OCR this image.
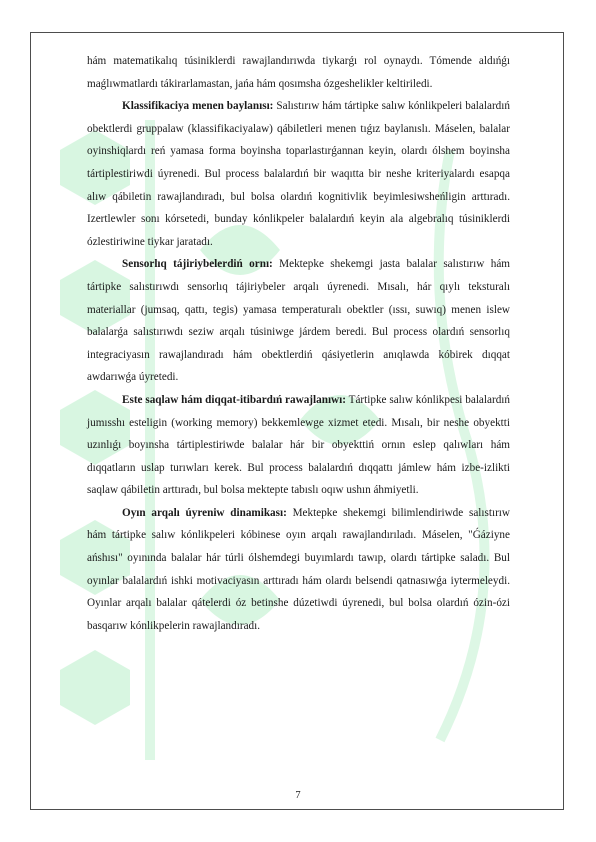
hám matematikalıq túsiniklerdi rawajlandırıwda tiykarǵı rol oynaydı. Tómende aldıńǵı maǵlıwmatlardı tákirarlamastan, jańa hám qosımsha ózgeshelikler keltiriledi.

Klassifikaciya menen baylanısı: Salıstırıw hám tártipke salıw kónlikpeleri balalardıń obektlerdi gruppalaw (klassifikaciyalaw) qábiletleri menen tıǵız baylanıslı. Máselen, balalar oyinshiqlardı reń yamasa forma boyinsha toparlastırǵannan keyin, olardı ólshem boyinsha tártiplestiriwdi úyrenedi. Bul process balalardıń bir waqıtta bir neshe kriteriyalardı esapqa alıw qábiletin rawajlandıradı, bul bolsa olardıń kognitivlik beyimlesiwsheńligin arttıradı. Izertlewler sonı kórsetedi, bunday kónlikpeler balalardıń keyin ala algebralıq túsiniklerdi ózlestiriwine tiykar jaratadı.

Sensorlıq tájiriybelerdiń ornı: Mektepke shekemgi jasta balalar salıstırıw hám tártipke salıstırıwdı sensorlıq tájiriybeler arqalı úyrenedi. Mısalı, hár qıylı teksturalı materiallar (jumsaq, qattı, tegis) yamasa temperaturalı obektler (ıssı, suwıq) menen islew balalarǵa salıstırıwdı seziw arqalı túsiniwge járdem beredi. Bul process olardıń sensorlıq integraciyasın rawajlandıradı hám obektlerdiń qásiyetlerin anıqlawda kóbirek dıqqat awdarıwǵa úyretedi.

Este saqlaw hám diqqat-itibardıń rawajlanıwı: Tártipke salıw kónlikpesi balalardıń jumısshı esteligin (working memory) bekkemlewge xizmet etedi. Mısalı, bir neshe obyektti uzınlıǵı boyınsha tártiplestiriwde balalar hár bir obyekttiń ornın eslep qalıwları hám dıqqatların uslap turıwları kerek. Bul process balalardıń dıqqattı jámlew hám izbe-izlikti saqlaw qábiletin arttıradı, bul bolsa mektepte tabıslı oqıw ushın áhmiyetli.

Oyın arqalı úyreniw dinamikası: Mektepke shekemgi bilimlendiriwde salıstırıw hám tártipke salıw kónlikpeleri kóbinese oyın arqalı rawajlandırıladı. Máselen, "Ǵáziyne ańshısı" oyınında balalar hár túrli ólshemdegi buyımlardı tawıp, olardı tártipke saladı. Bul oyınlar balalardıń ishki motivaciyasın arttıradı hám olardı belsendi qatnasıwǵa iytermeleydi. Oyınlar arqalı balalar qátelerdi óz betinshe dúzetiwdi úyrenedi, bul bolsa olardıń ózin-ózi basqarıw kónlikpelerin rawajlandıradı.

7
